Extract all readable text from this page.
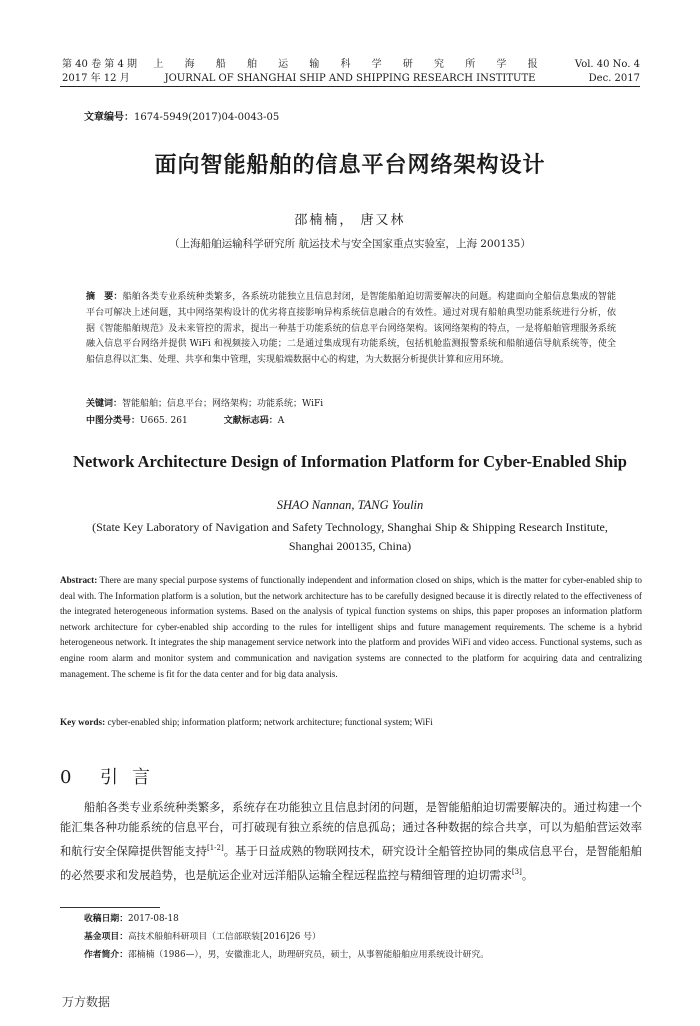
第 40 卷 第 4 期
2017 年 12 月
上 海 船 舶 运 输 科 学 研 究 所 学 报
JOURNAL OF SHANGHAI SHIP AND SHIPPING RESEARCH INSTITUTE
Vol. 40 No. 4
Dec. 2017
文章编号：1674-5949(2017)04-0043-05
面向智能船舶的信息平台网络架构设计
邵楠楠， 唐又林
（上海船舶运输科学研究所 航运技术与安全国家重点实验室，上海 200135）
摘　要：船舶各类专业系统种类繁多，各系统功能独立且信息封闭，是智能船舶迫切需要解决的问题。构建面向全船信息集成的智能平台可解决上述问题，其中网络架构设计的优劣将直接影响异构系统信息融合的有效性。通过对现有船舶典型功能系统进行分析，依据《智能船舶规范》及未来管控的需求，提出一种基于功能系统的信息平台网络架构。该网络架构的特点，一是将船舶管理服务系统融入信息平台网络并提供 WiFi 和视频接入功能；二是通过集成现有功能系统，包括机舱监测报警系统和船舶通信导航系统等，使全船信息得以汇集、处理、共享和集中管理，实现船端数据中心的构建，为大数据分析提供计算和应用环境。
关键词：智能船舶；信息平台；网络架构；功能系统；WiFi
中图分类号：U665. 261	文献标志码：A
Network Architecture Design of Information Platform for Cyber-Enabled Ship
SHAO Nannan, TANG Youlin
(State Key Laboratory of Navigation and Safety Technology, Shanghai Ship & Shipping Research Institute, Shanghai 200135, China)
Abstract: There are many special purpose systems of functionally independent and information closed on ships, which is the matter for cyber-enabled ship to deal with. The Information platform is a solution, but the network architecture has to be carefully designed because it is directly related to the effectiveness of the integrated heterogeneous information systems. Based on the analysis of typical function systems on ships, this paper proposes an information platform network architecture for cyber-enabled ship according to the rules for intelligent ships and future management requirements. The scheme is a hybrid heterogeneous network. It integrates the ship management service network into the platform and provides WiFi and video access. Functional systems, such as engine room alarm and monitor system and communication and navigation systems are connected to the platform for acquiring data and centralizing management. The scheme is fit for the data center and for big data analysis.
Key words: cyber-enabled ship; information platform; network architecture; functional system; WiFi
0 引言
船舶各类专业系统种类繁多，系统存在功能独立且信息封闭的问题，是智能船舶迫切需要解决的。通过构建一个能汇集各种功能系统的信息平台，可打破现有独立系统的信息孤岛；通过各种数据的综合共享，可以为船舶营运效率和航行安全保障提供智能支持[1-2]。基于日益成熟的物联网技术，研究设计全船管控协同的集成信息平台，是智能船舶的必然要求和发展趋势，也是航运企业对远洋船队运输全程远程监控与精细管理的迫切需求[3]。
收稿日期：2017-08-18
基金项目：高技术船舶科研项目（工信部联装[2016]26 号）
作者简介：邵楠楠（1986—），男，安徽淮北人，助理研究员，硕士，从事智能船舶应用系统设计研究。
万方数据
